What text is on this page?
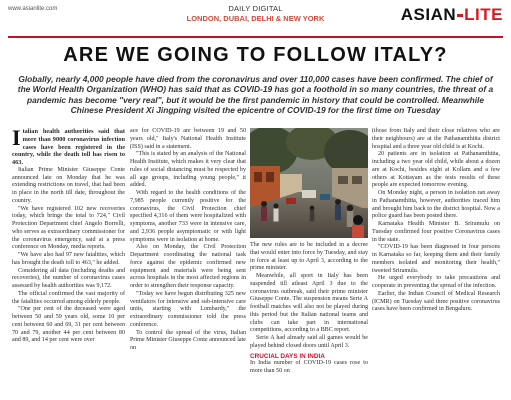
www.asianlite.com	DAILY DIGITAL
LONDON, DUBAI, DELHI & NEW YORK	ASIAN LITE
ARE WE GOING TO FOLLOW ITALY?

Globally, nearly 4,000 people have died from the coronavirus and over 110,000 cases have been confirmed. The chief of the World Health Organization (WHO) has said that as COVID-19 has got a foothold in so many countries, the threat of a pandemic has become "very real", but it would be the first pandemic in history that could be controlled. Meanwhile Chinese President Xi Jingping visited the epicentre of COVID-19 for the first time on Tuesday

Italian health authorities said that more than 9000 coronavirus infection cases have been registered in the country, while the death toll has risen to 463.

Italian Prime Minister Giuseppe Conte announced late on Monday that he was extending restrictions on travel, that had been in place in the north till date, throughout the country.

"We have registered 102 new recoveries today, which brings the total to 724," Civil Protection Department chief Angelo Borrelli, who serves as extraordinary commissioner for the coronavirus emergency, said at a press conference on Monday, media reports.

"We have also had 97 new fatalities, which has brought the death toll to 463," he added.

Considering all data (including deaths and recoveries), the number of coronavirus cases assessed by health authorities was 9,172.

The official confirmed the vast majority of the fatalities occurred among elderly people.

"One per cent of the deceased were aged between 50 and 59 years old, some 10 per cent between 60 and 69, 31 per cent between 70 and 79, another 44 per cent between 80 and 89, and 14 per cent were over

ace for COVID-19 are between 19 and 50 years old," Italy's National Health Institute (ISS) said in a statement.

"This is stated by an analysis of the National Health Institute, which makes it very clear that rules of social distancing must be respected by all age groups, including young people," it added.

With regard to the health conditions of the 7,985 people currently positive for the coronavirus, the Civil Protection chief specified 4,316 of them were hospitalized with symptoms, another 733 were in intensive care, and 2,936 people asymptomatic or with light symptoms were in isolation at home.

Also on Monday, the Civil Protection Department coordinating the national task force against the epidemic confirmed new equipment and materials were being sent across hospitals in the most affected regions in order to strengthen their response capacity.

"Today we have begun distributing 325 new ventilators for intensive and sub-intensive care units, starting with Lombardy," the extraordinary commissioner told the press conference.

To control the spread of the virus, Italian Prime Minister Giuseppe Conte announced late on

The new rules are to be included in a decree that would enter into force by Tuesday, and stay in force at least up to April 3, according to the prime minister.

Meanwhile, all sport in Italy has been suspended till atleast April 3 due to the coronavirus outbreak, said their prime minister Giuseppe Conte. The suspension means Serie A football matches will also not be played during this period but the Italian national teams and clubs can take part in international competitions, according to a BBC report.

Serie A had already said all games would be played behind closed doors until April 3.

CRUCIAL DAYS IN INDIA

In India number of COVID-19 cases rose to more than 50 on

(those from Italy and their close relatives who are their neighbours) are at the Pathanamthitta district hospital and a three year old child is at Kochi.

20 patients are in isolation at Pathanamthitta, including a two year old child, while about a dozen are at Kochi, besides eight at Kollam and a few others at Kottayam as the tests results of these people are expected tomorrow evening.

On Monday night, a person in isolation ran away in Pathanamthitta, however, authorities traced him and brought him back to the district hospital. Now a police guard has been posted there.

Karnataka Health Minister B. Sriramulu on Tuesday confirmed four positive Coronavirus cases in the state.

"COVID-19 has been diagnosed in four persons in Karnataka so far, keeping them and their family members isolated and monitoring their health," tweeted Sriramulu.

He urged everybody to take precautions and cooperate in preventing the spread of the infection.

Earlier, the Indian Council of Medical Research (ICMR) on Tuesday said three positive coronavirus cases have been confirmed in Bengaluru.
